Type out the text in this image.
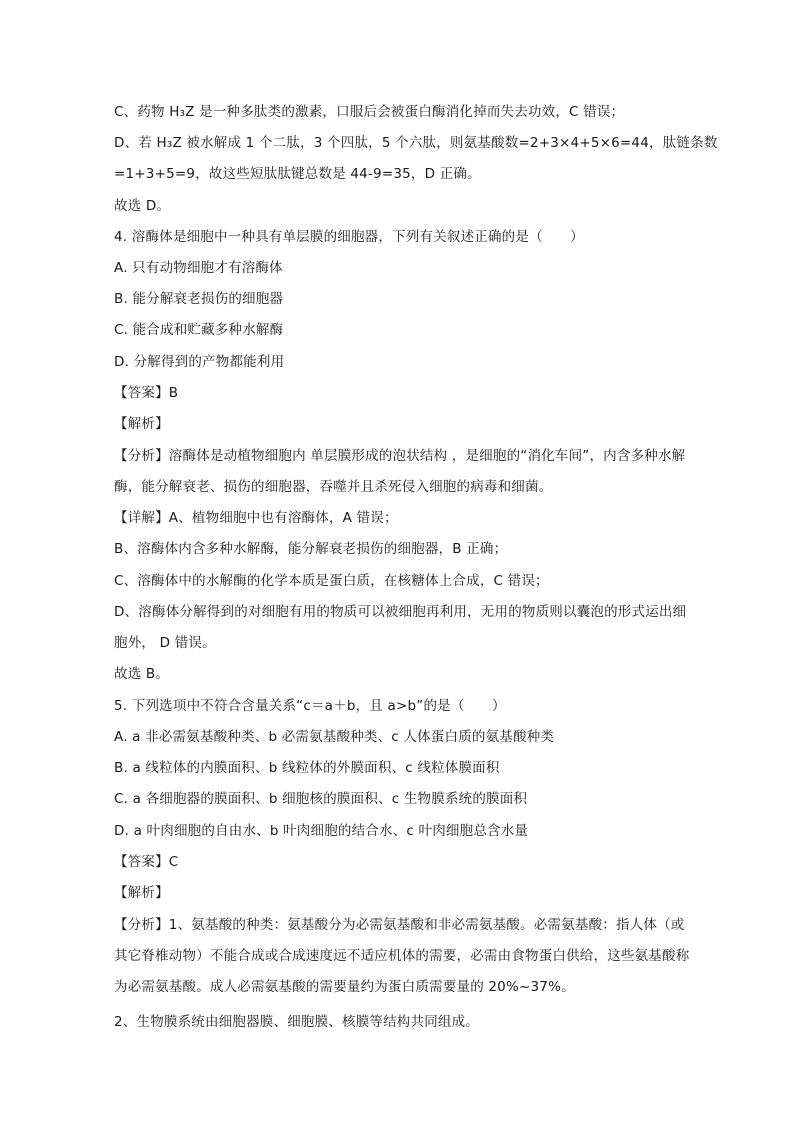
C、药物 H₃Z 是一种多肽类的激素，口服后会被蛋白酶消化掉而失去功效，C 错误；
D、若 H₃Z 被水解成 1 个二肽，3 个四肽，5 个六肽，则氨基酸数=2+3×4+5×6=44，肽链条数
=1+3+5=9，故这些短肽肽键总数是 44-9=35，D 正确。
故选 D。
4. 溶酶体是细胞中一种具有单层膜的细胞器，下列有关叙述正确的是（　　）
A. 只有动物细胞才有溶酶体
B. 能分解衰老损伤的细胞器
C. 能合成和贮藏多种水解酶
D. 分解得到的产物都能利用
【答案】B
【解析】
【分析】溶酶体是动植物细胞内 单层膜形成的泡状结构 ，是细胞的“消化车间”，内含多种水解
酶，能分解衰老、损伤的细胞器，吞噬并且杀死侵入细胞的病毒和细菌。
【详解】A、植物细胞中也有溶酶体，A 错误；
B、溶酶体内含多种水解酶，能分解衰老损伤的细胞器，B 正确；
C、溶酶体中的水解酶的化学本质是蛋白质，在核糖体上合成，C 错误；
D、溶酶体分解得到的对细胞有用的物质可以被细胞再利用，无用的物质则以囊泡的形式运出细
胞外， D 错误。
故选 B。
5. 下列选项中不符合含量关系“c＝a＋b，且 a>b”的是（　　）
A. a 非必需氨基酸种类、b 必需氨基酸种类、c 人体蛋白质的氨基酸种类
B. a 线粒体的内膜面积、b 线粒体的外膜面积、c 线粒体膜面积
C. a 各细胞器的膜面积、b 细胞核的膜面积、c 生物膜系统的膜面积
D. a 叶肉细胞的自由水、b 叶肉细胞的结合水、c 叶肉细胞总含水量
【答案】C
【解析】
【分析】1、氨基酸的种类：氨基酸分为必需氨基酸和非必需氨基酸。必需氨基酸：指人体（或
其它脊椎动物）不能合成或合成速度远不适应机体的需要，必需由食物蛋白供给，这些氨基酸称
为必需氨基酸。成人必需氨基酸的需要量约为蛋白质需要量的 20%~37%。
2、生物膜系统由细胞器膜、细胞膜、核膜等结构共同组成。
